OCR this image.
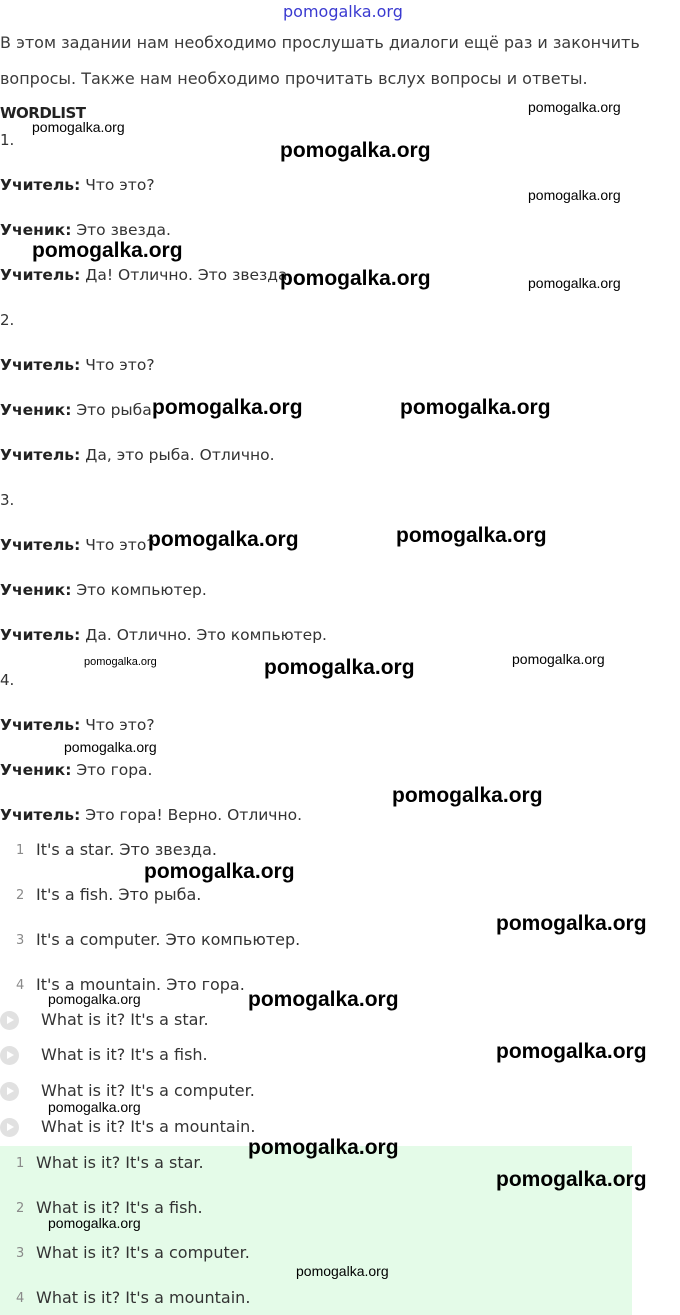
pomogalka.org
В этом задании нам необходимо прослушать диалоги ещё раз и закончить
вопросы. Также нам необходимо прочитать вслух вопросы и ответы.
WORDLIST
1.
Учитель: Что это?
Ученик: Это звезда.
Учитель: Да! Отлично. Это звезда.
2.
Учитель: Что это?
Ученик: Это рыба.
Учитель: Да, это рыба. Отлично.
3.
Учитель: Что это?
Ученик: Это компьютер.
Учитель: Да. Отлично. Это компьютер.
4.
Учитель: Что это?
Ученик: Это гора.
Учитель: Это гора! Верно. Отлично.
1 It's a star. Это звезда.
2 It's a fish. Это рыба.
3 It's a computer. Это компьютер.
4 It's a mountain. Это гора.
What is it? It's a star.
What is it? It's a fish.
What is it? It's a computer.
What is it? It's a mountain.
1 What is it? It's a star.
2 What is it? It's a fish.
3 What is it? It's a computer.
4 What is it? It's a mountain.
pomogalka.org
pomogalka.org
pomogalka.org
pomogalka.org
pomogalka.org
pomogalka.org	pomogalka.org
pomogalka.org	pomogalka.org
pomogalka.org	pomogalka.org
pomogalka.org	pomogalka.org	pomogalka.org
pomogalka.org
pomogalka.org
pomogalka.org
pomogalka.org
pomogalka.org	pomogalka.org
pomogalka.org
pomogalka.org
pomogalka.org
pomogalka.org
pomogalka.org
pomogalka.org
